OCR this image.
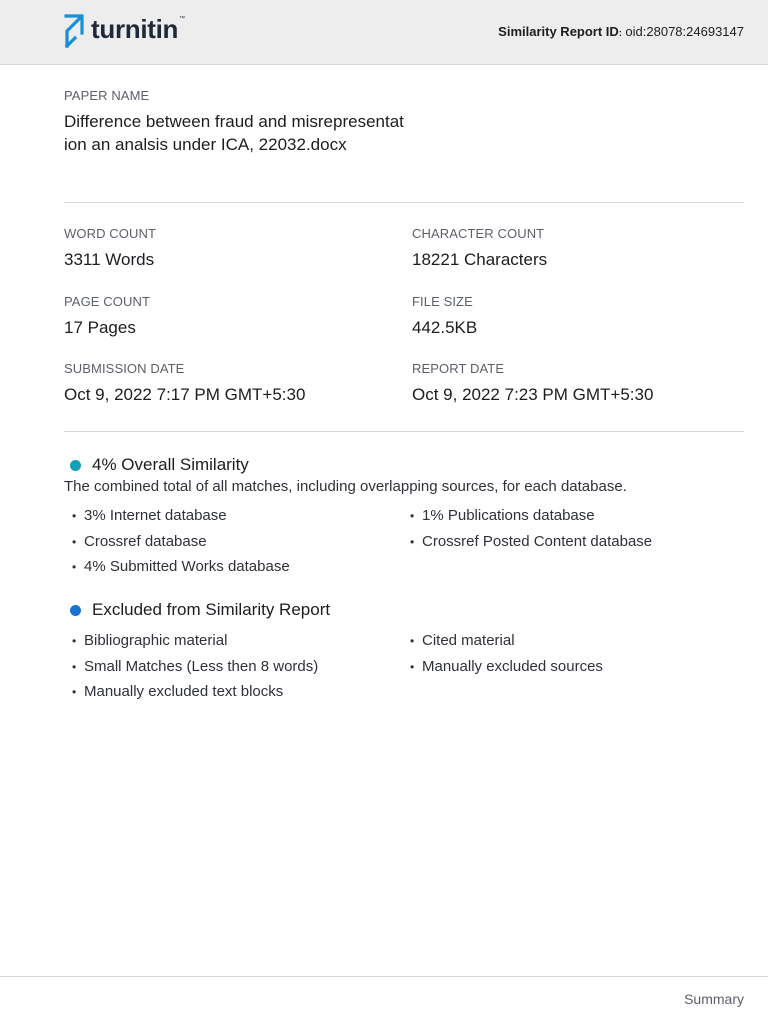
turnitin ™
Similarity Report ID: oid:28078:24693147
PAPER NAME
Difference between fraud and misrepresentation an analsis under ICA, 22032.docx
WORD COUNT
3311 Words
CHARACTER COUNT
18221 Characters
PAGE COUNT
17 Pages
FILE SIZE
442.5KB
SUBMISSION DATE
Oct 9, 2022 7:17 PM GMT+5:30
REPORT DATE
Oct 9, 2022 7:23 PM GMT+5:30
4% Overall Similarity
The combined total of all matches, including overlapping sources, for each database.
• 3% Internet database
• Crossref database
• 4% Submitted Works database
• 1% Publications database
• Crossref Posted Content database
Excluded from Similarity Report
• Bibliographic material
• Small Matches (Less then 8 words)
• Manually excluded text blocks
• Cited material
• Manually excluded sources
Summary
